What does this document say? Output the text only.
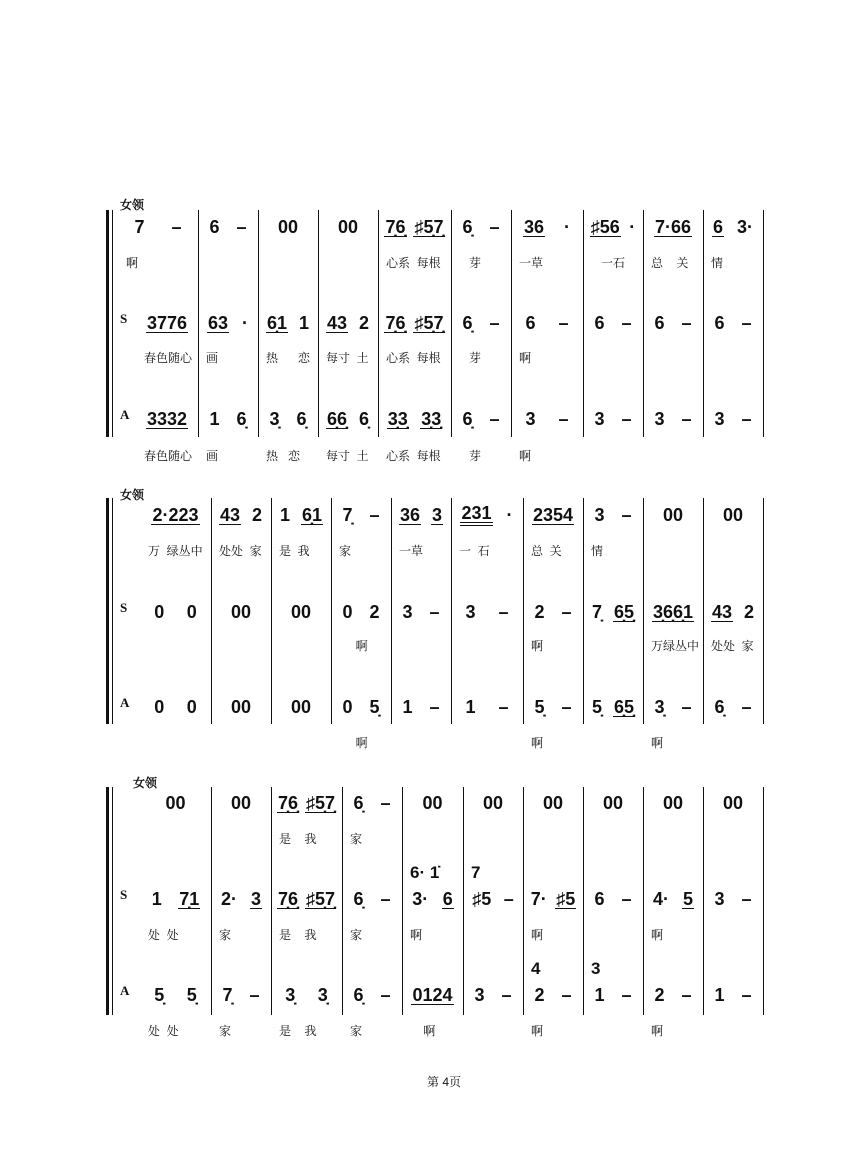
第 4页
女领
7 –
啊
6 – 00 00 7̣6̣ ♯5̣7̣
心系  每根
6̣ –
芽
36 ·
一草
♯56 ·
一石
7·66
总    关
6 3·
情
S 3776
春色随心
63 ·
画
6̣1 1
热      恋
43 2
每寸  土
7̣6̣ ♯5̣7̣
心系  每根
6̣ –
芽
6 –
啊
6 – 6 – 6 –
A 3332
春色随心
1 6̣
画
3̣ 6̣
热   恋
6̣6̣ 6̣
每寸  土
3̣3̣ 3̣3̣
心系  每根
6̣ –
芽
3 –
啊
3 – 3 – 3 –
女领
2·223
万  绿丛中
43 2
处处  家
1 6̣1
是  我
7̣ –
家
36 3
一草
231 ·
一  石
2354
总  关
3 –
情
00 00
S 0 0 00 00 0 2
啊
3 – 3 – 2 –
啊
7̣ 6̣5̣ 3̣6̣6̣1
万绿丛中
43 2
处处  家
A 0 0 00 00 0 5̣
啊
1 – 1 – 5̣ –
啊
5̣ 6̣5̣ 3̣ –
啊
6̣ –
女领
00	00 7̣6̣ ♯5̣7̣
是    我
6̣ –
家
00 00 00 00 00 00
S 1 7̣1
处  处
2· 3
家
7̣6̣ ♯5̣7̣
是    我
6̣ –
家
3· 6
啊
♯5 – 7· ♯5
啊
6 – 4· 5
啊
3 –
A 5̣ 5̣
处  处
7̣ –
家
3̣ 3̣
是    我
6̣ –
家
0124
啊
3 – 2 –
啊
1 – 2 –
啊
1 –
6· 1̇ 7
4	3
